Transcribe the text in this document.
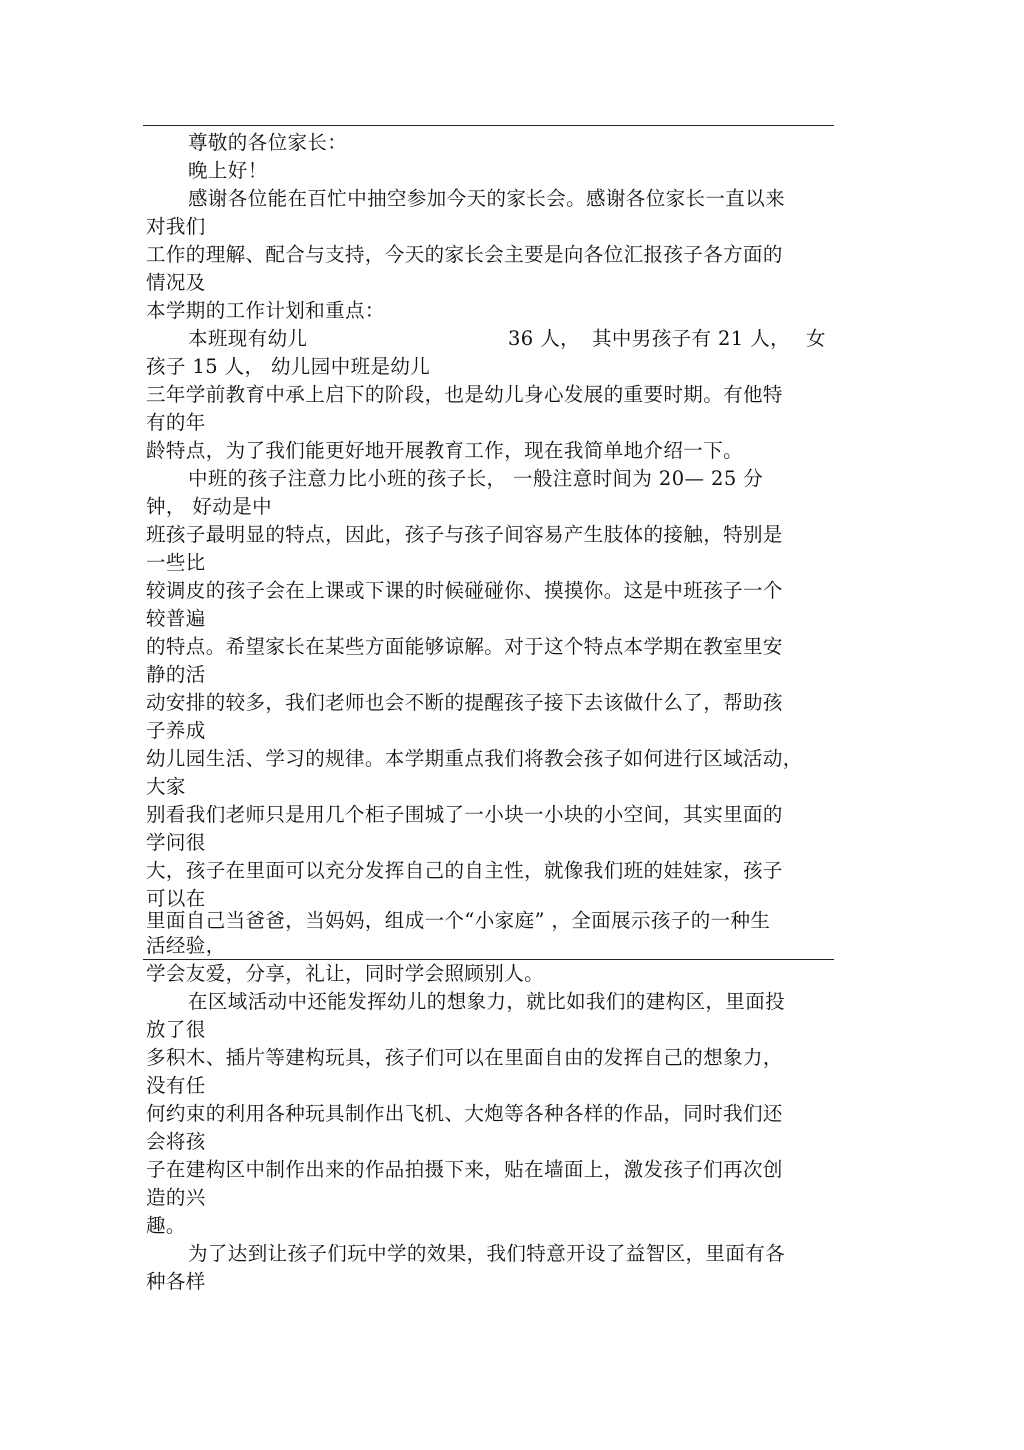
尊敬的各位家长：
晚上好！
感谢各位能在百忙中抽空参加今天的家长会。感谢各位家长一直以来
对我们
工作的理解、配合与支持，今天的家长会主要是向各位汇报孩子各方面的
情况及
本学期的工作计划和重点：
本班现有幼儿	36 人， 其中男孩子有 21 人， 女
孩子 15 人， 幼儿园中班是幼儿
三年学前教育中承上启下的阶段，也是幼儿身心发展的重要时期。有他特
有的年
龄特点，为了我们能更好地开展教育工作，现在我简单地介绍一下。
中班的孩子注意力比小班的孩子长， 一般注意时间为 20— 25 分
钟， 好动是中
班孩子最明显的特点，因此，孩子与孩子间容易产生肢体的接触，特别是
一些比
较调皮的孩子会在上课或下课的时候碰碰你、摸摸你。这是中班孩子一个
较普遍
的特点。希望家长在某些方面能够谅解。对于这个特点本学期在教室里安
静的活
动安排的较多，我们老师也会不断的提醒孩子接下去该做什么了，帮助孩
子养成
幼儿园生活、学习的规律。本学期重点我们将教会孩子如何进行区域活动，
大家
别看我们老师只是用几个柜子围城了一小块一小块的小空间，其实里面的
学问很
大，孩子在里面可以充分发挥自己的自主性，就像我们班的娃娃家，孩子
可以在
里面自己当爸爸，当妈妈，组成一个“小家庭” ，全面展示孩子的一种生
活经验，
学会友爱，分享，礼让，同时学会照顾别人。
在区域活动中还能发挥幼儿的想象力，就比如我们的建构区，里面投
放了很
多积木、插片等建构玩具，孩子们可以在里面自由的发挥自己的想象力，
没有任
何约束的利用各种玩具制作出飞机、大炮等各种各样的作品，同时我们还
会将孩
子在建构区中制作出来的作品拍摄下来，贴在墙面上，激发孩子们再次创
造的兴
趣。
为了达到让孩子们玩中学的效果，我们特意开设了益智区，里面有各
种各样
